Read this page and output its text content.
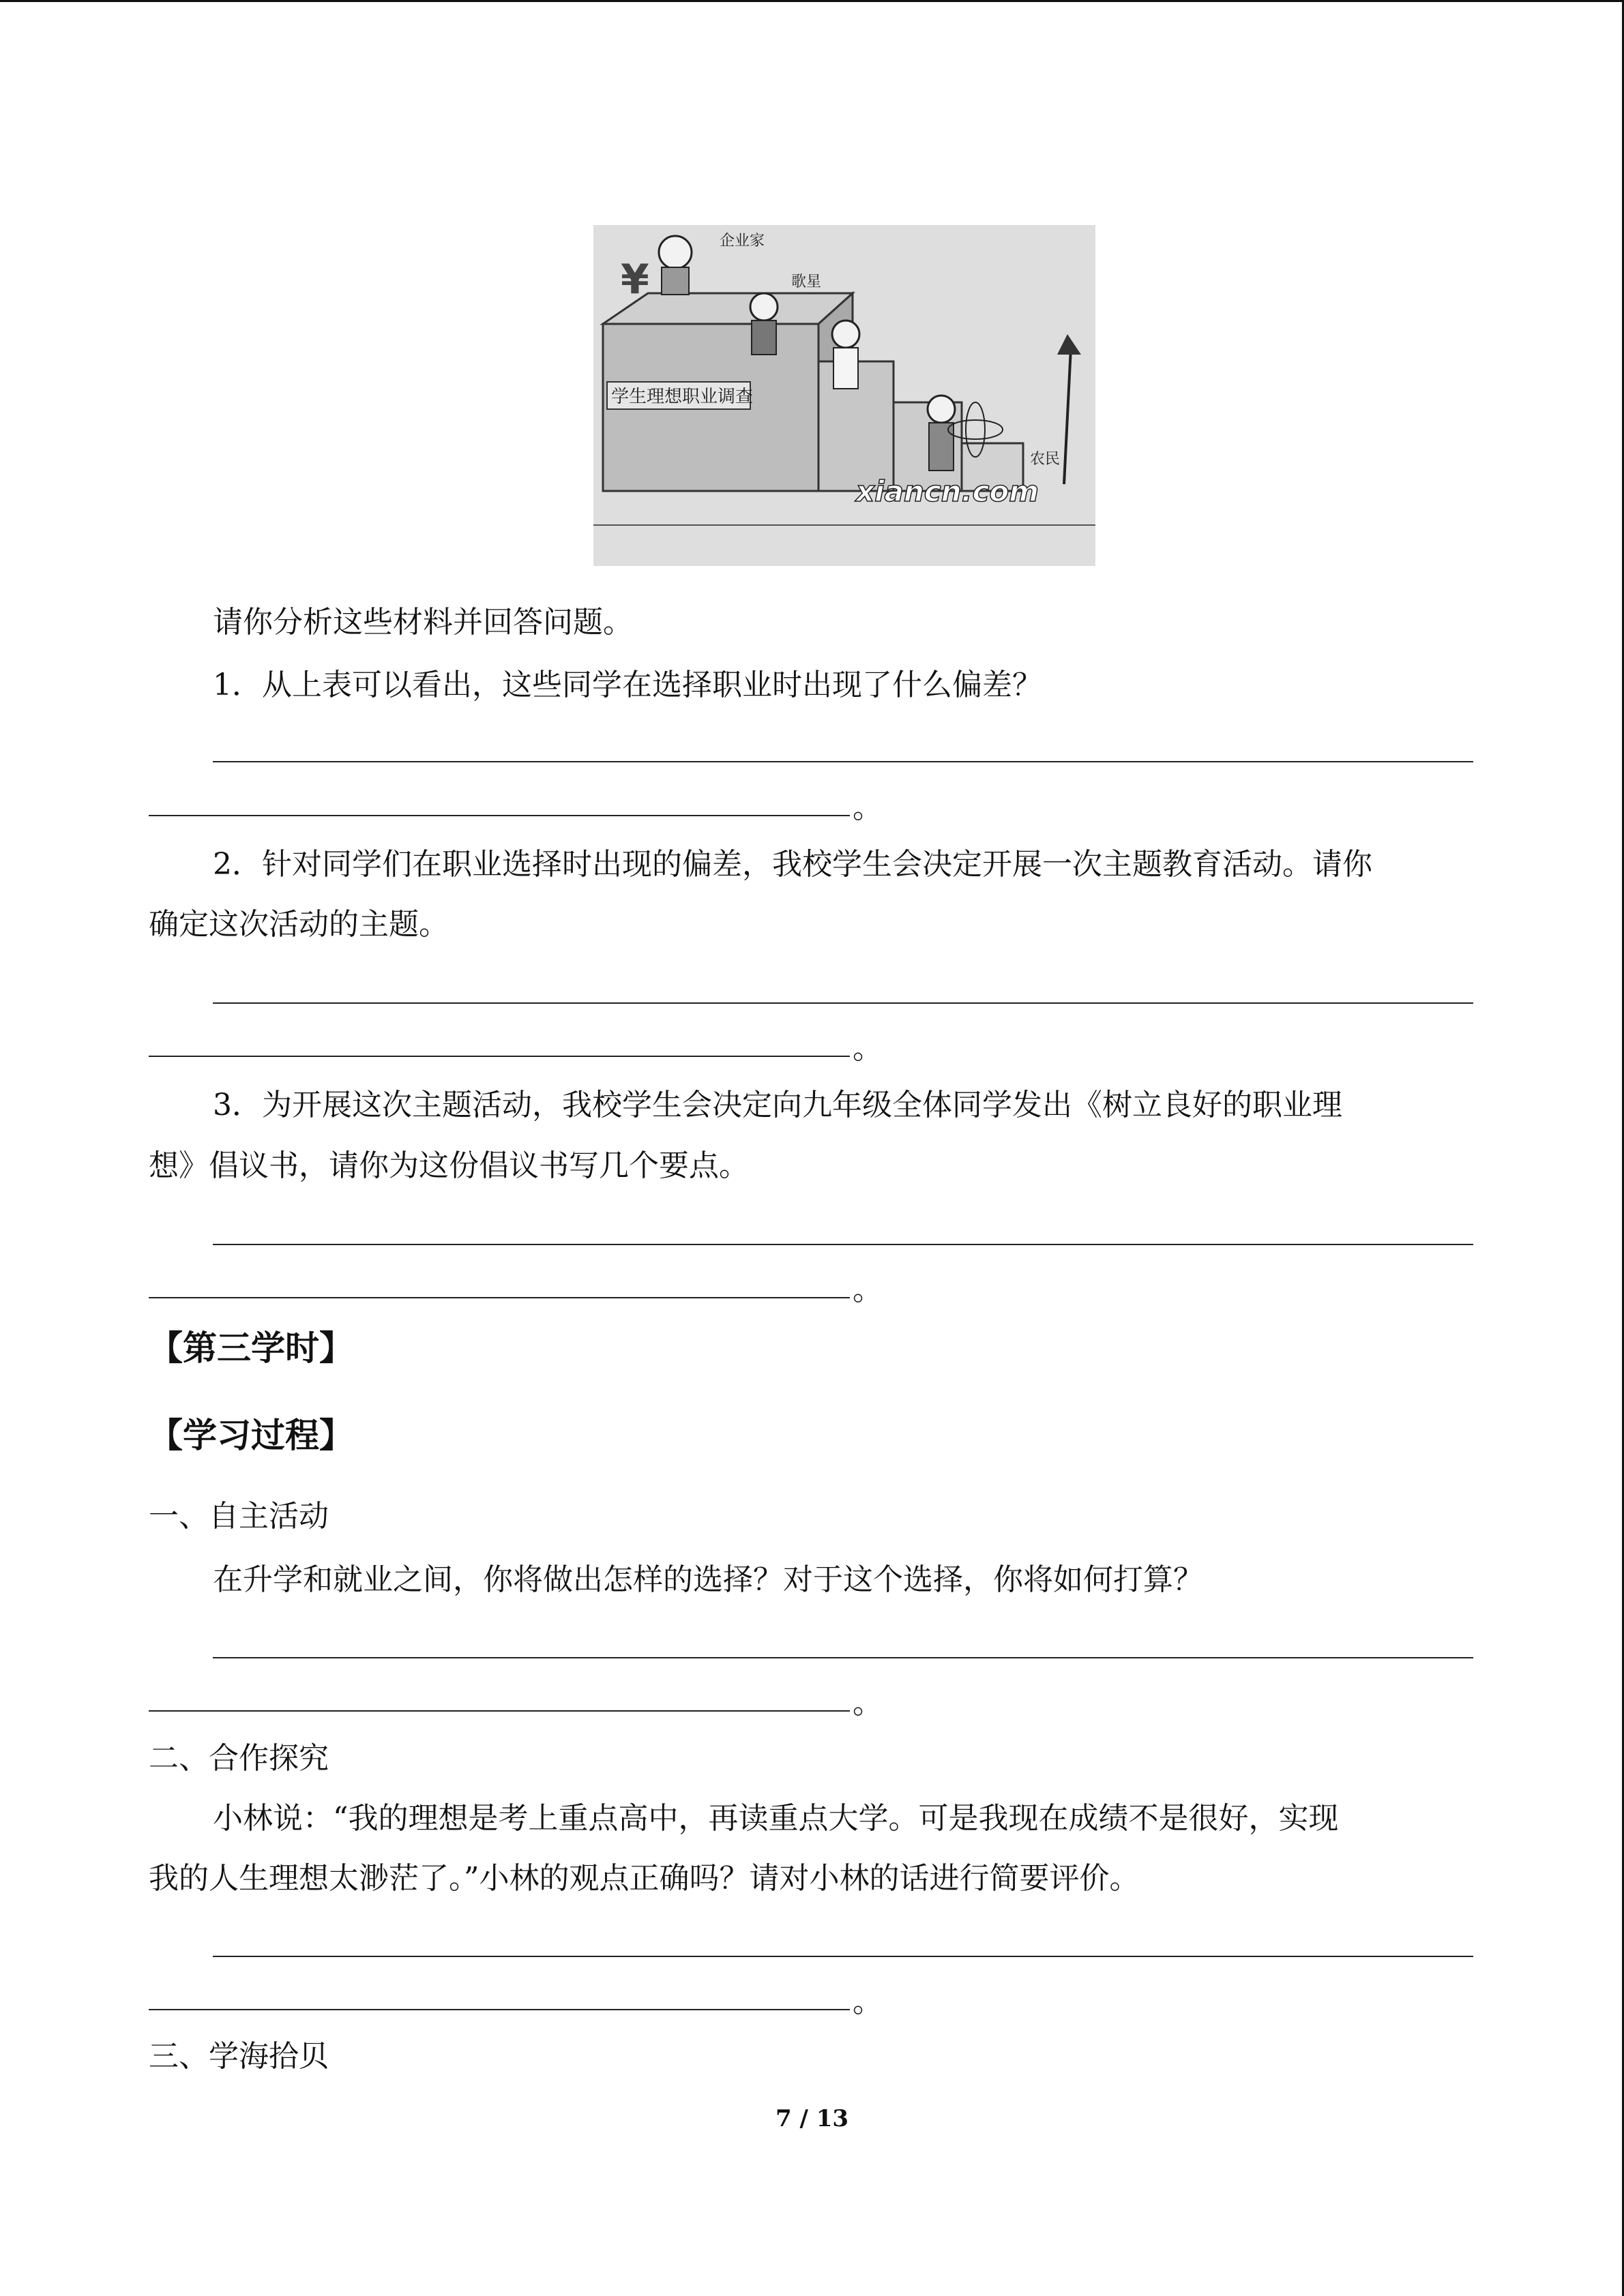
学生理想职业调查
¥
企业家
歌星
农民
xiancn.com
请你分析这些材料并回答问题。
1．从上表可以看出，这些同学在选择职业时出现了什么偏差？
。
2．针对同学们在职业选择时出现的偏差，我校学生会决定开展一次主题教育活动。请你
确定这次活动的主题。
。
3．为开展这次主题活动，我校学生会决定向九年级全体同学发出《树立良好的职业理
想》倡议书，请你为这份倡议书写几个要点。
。
【第三学时】
【学习过程】
一、自主活动
在升学和就业之间，你将做出怎样的选择？对于这个选择，你将如何打算？
。
二、合作探究
小林说：“我的理想是考上重点高中，再读重点大学。可是我现在成绩不是很好，实现
我的人生理想太渺茫了。”小林的观点正确吗？请对小林的话进行简要评价。
。
三、学海拾贝
7 / 13
